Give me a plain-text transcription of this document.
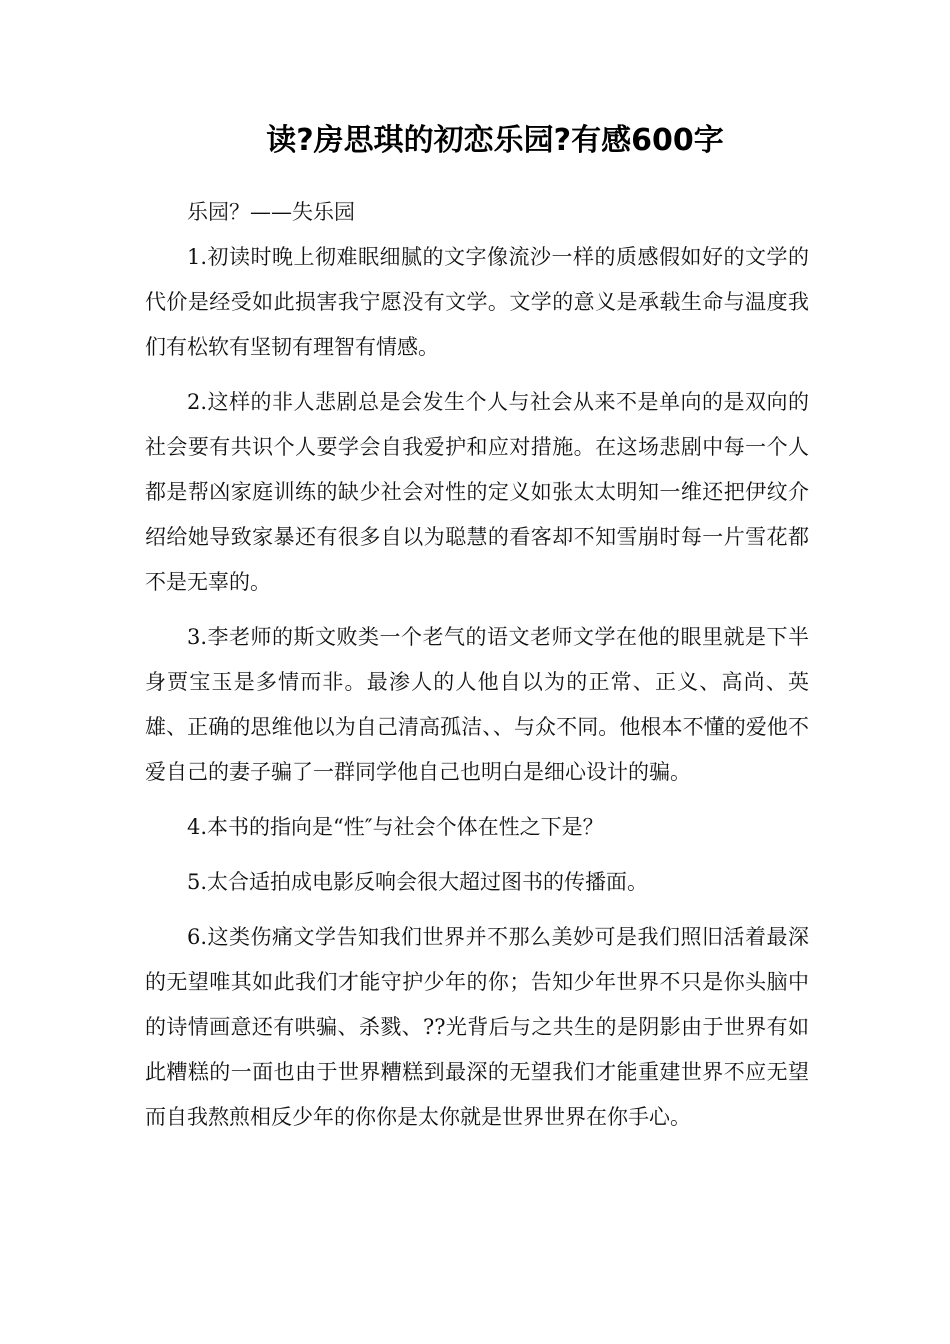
读?房思琪的初恋乐园?有感600字

乐园？——失乐园

1.初读时晚上彻难眠细腻的文字像流沙一样的质感假如好的文学的代价是经受如此损害我宁愿没有文学。文学的意义是承载生命与温度我们有松软有坚韧有理智有情感。

2.这样的非人悲剧总是会发生个人与社会从来不是单向的是双向的社会要有共识个人要学会自我爱护和应对措施。在这场悲剧中每一个人都是帮凶家庭训练的缺少社会对性的定义如张太太明知一维还把伊纹介绍给她导致家暴还有很多自以为聪慧的看客却不知雪崩时每一片雪花都不是无辜的。

3.李老师的斯文败类一个老气的语文老师文学在他的眼里就是下半身贾宝玉是多情而非。最渗人的人他自以为的正常、正义、高尚、英雄、正确的思维他以为自己清高孤洁、、与众不同。他根本不懂的爱他不爱自己的妻子骗了一群同学他自己也明白是细心设计的骗。

4.本书的指向是“性″与社会个体在性之下是？

5.太合适拍成电影反响会很大超过图书的传播面。

6.这类伤痛文学告知我们世界并不那么美妙可是我们照旧活着最深的无望唯其如此我们才能守护少年的你；告知少年世界不只是你头脑中的诗情画意还有哄骗、杀戮、??光背后与之共生的是阴影由于世界有如此糟糕的一面也由于世界糟糕到最深的无望我们才能重建世界不应无望而自我熬煎相反少年的你你是太你就是世界世界在你手心。
